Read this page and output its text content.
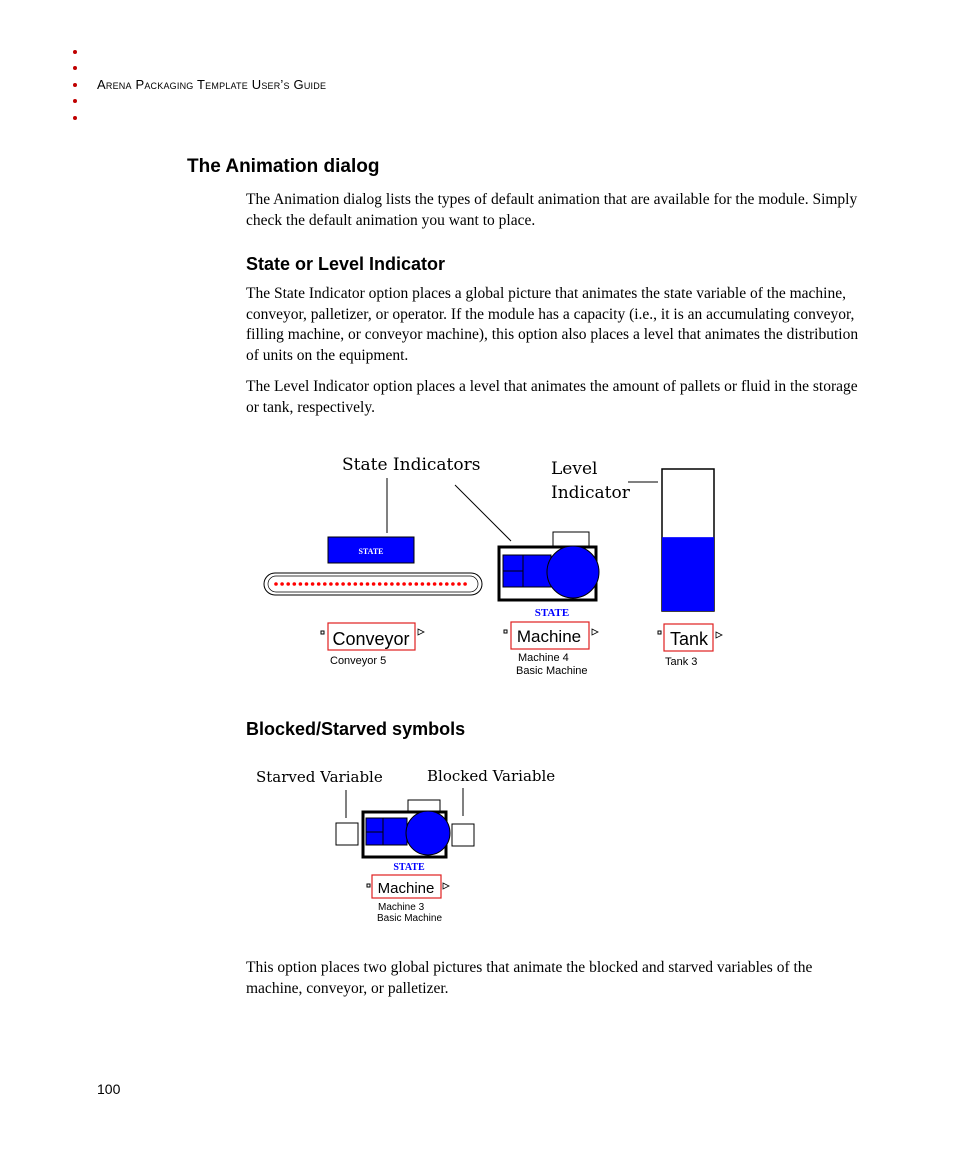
Arena Packaging Template User’s Guide
The Animation dialog

The Animation dialog lists the types of default animation that are available for the module. Simply check the default animation you want to place.

State or Level Indicator

The State Indicator option places a global picture that animates the state variable of the machine, conveyor, palletizer, or operator. If the module has a capacity (i.e., it is an accumulating conveyor, filling machine, or conveyor machine), this option also places a level that animates the distribution of units on the equipment.

The Level Indicator option places a level that animates the amount of pallets or fluid in the storage or tank, respectively.

State Indicators	Level
Indicator
STATE
STATE
Conveyor
Conveyor 5
Machine
Machine 4
Basic Machine
Tank
Tank 3
Blocked/Starved symbols
Starved Variable	Blocked Variable
STATE
Machine
Machine 3
Basic Machine

This option places two global pictures that animate the blocked and starved variables of the machine, conveyor, or palletizer.

100
